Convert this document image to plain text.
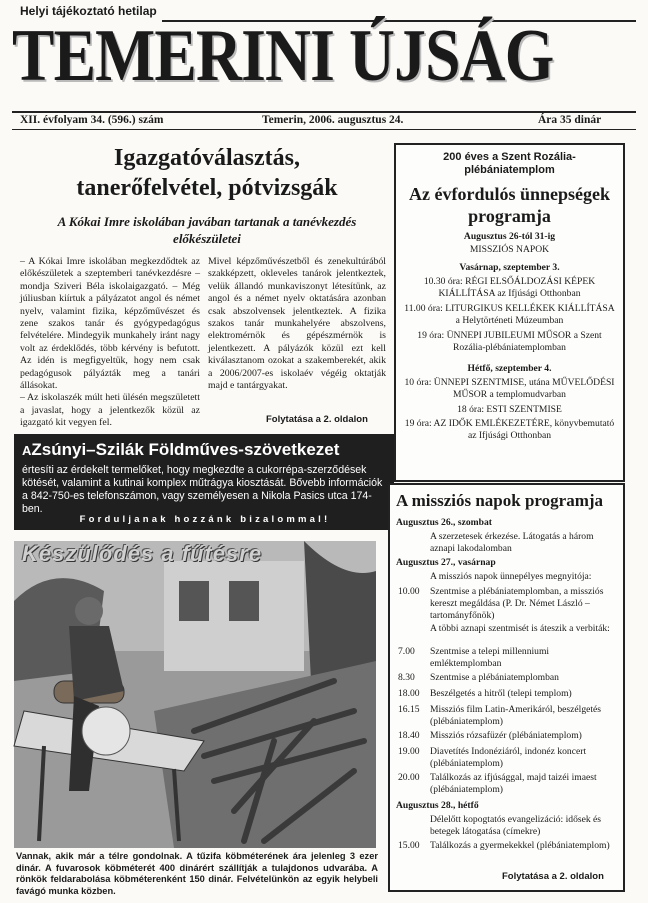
Helyi tájékoztató hetilap
TEMERINI ÚJSÁG
XII. évfolyam 34. (596.) szám	Temerin, 2006. augusztus 24.	Ára 35 dinár
Igazgatóválasztás,
tanerőfelvétel, pótvizsgák
A Kókai Imre iskolában javában tartanak a tanévkezdés előkészületei
– A Kókai Imre iskolában megkezdődtek az előkészületek a szeptemberi tanévkezdésre – mondja Sziveri Béla iskolaigazgató. – Még júliusban kiírtuk a pályázatot angol és német nyelv, valamint fizika, képzőművészet és zene szakos tanár és gyógypedagógus felvételére. Mindegyik munkahely iránt nagy volt az érdeklődés, több kérvény is befutott. Az idén is megfigyeltük, hogy nem csak pedagógusok pályázták meg a tanári állásokat.
– Az iskolaszék múlt heti ülésén megszületett a javaslat, hogy a jelentkezők közül az igazgató kit vegyen fel.
Mivel képzőművészetből és zenekultúrából szakképzett, okleveles tanárok jelentkeztek, velük állandó munkaviszonyt létesítünk, az angol és a német nyelv oktatására azonban csak abszolvensek jelentkeztek. A fizika szakos tanár munkahelyére abszolvens, elektromérnök és gépészmérnök is jelentkezett. A pályázók közül ezt kell kiválasztanom ozokat a szakemberekét, akik a 2006/2007-es iskolaév végéig oktatják majd e tantárgyakat.
Folytatása a 2. oldalon
AZsúnyi–Szilák Földműves-szövetkezet
értesíti az érdekelt termelőket, hogy megkezdte a cukorrépa-szerződések kötését, valamint a kutinai komplex műtrágya kiosztását. Bővebb információk a 842-750-es telefonszámon, vagy személyesen a Nikola Pasics utca 174-ben.
Forduljanak hozzánk bizalommal!
Készülődés a fűtésre
Vannak, akik már a télre gondolnak. A tűzifa köbméterének ára jelenleg 3 ezer dinár. A fuvarosok köbméterét 400 dinárért szállítják a tulajdonos udvarába. A rönkök feldarabolása köbméterenként 150 dinár. Felvételünkön az egyik helybeli favágó munka közben.
200 éves a Szent Rozália-plébániatemplom
Az évfordulós ünnepségek programja
Augusztus 26-tól 31-ig
MISSZIÓS NAPOK
Vasárnap, szeptember 3.
10.30 óra: RÉGI ELSŐÁLDOZÁSI KÉPEK KIÁLLÍTÁSA az Ifjúsági Otthonban
11.00 óra: LITURGIKUS KELLÉKEK KIÁLLÍTÁSA a Helytörténeti Múzeumban
19 óra: ÜNNEPI JUBILEUMI MŰSOR a Szent Rozália-plébániatemplomban
Hétfő, szeptember 4.
10 óra: ÜNNEPI SZENTMISE, utána MŰVELŐDÉSI MŰSOR a templomudvarban
18 óra: ESTI SZENTMISE
19 óra: AZ IDŐK EMLÉKEZETÉRE, könyvbemutató az Ifjúsági Otthonban
A missziós napok programja
Augusztus 26., szombat
A szerzetesek érkezése. Látogatás a három aznapi lakodalomban
Augusztus 27., vasárnap
A missziós napok ünnepélyes megnyitója:
10.00	Szentmise a plébániatemplomban, a missziós kereszt megáldása (P. Dr. Német László – tartományfőnök)
A többi aznapi szentmisét is áteszik a verbiták:
7.00	Szentmise a telepi millenniumi emléktemplomban
8.30	Szentmise a plébániatemplomban
18.00	Beszélgetés a hitről (telepi templom)
16.15	Missziós film Latin-Amerikáról, beszélgetés (plébániatemplom)
18.40	Missziós rózsafüzér (plébániatemplom)
19.00	Diavetítés Indonéziáról, indonéz koncert (plébániatemplom)
20.00	Találkozás az ifjúsággal, majd taizéi imaest (plébániatemplom)
Augusztus 28., hétfő
Délelőtt kopogtatós evangelizáció: idősek és betegek látogatása (címekre)
15.00	Találkozás a gyermekekkel (plébániatemplom)
Folytatása a 2. oldalon
